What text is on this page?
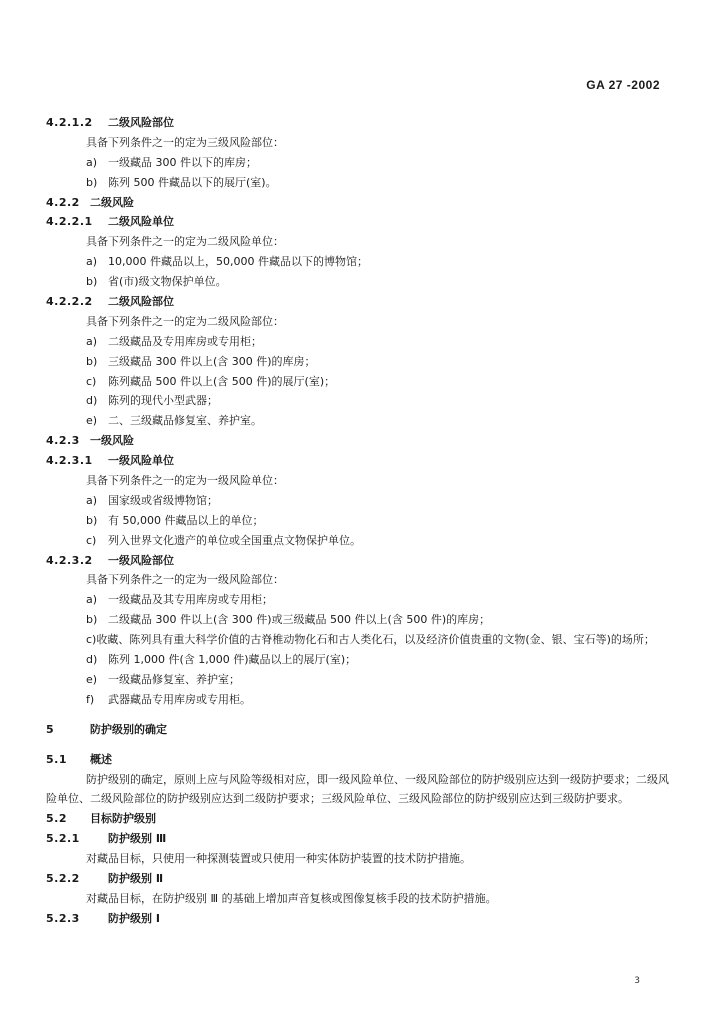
GA 27 -2002
4.2.1.2 二级风险部位
具备下列条件之一的定为三级风险部位：
a) 一级藏品 300 件以下的库房；
b) 陈列 500 件藏品以下的展厅(室)。
4.2.2 二级风险
4.2.2.1 二级风险单位
具备下列条件之一的定为二级风险单位：
a) 10,000 件藏品以上，50,000 件藏品以下的博物馆；
b) 省(市)级文物保护单位。
4.2.2.2 二级风险部位
具备下列条件之一的定为二级风险部位：
a) 二级藏品及专用库房或专用柜；
b) 三级藏品 300 件以上(含 300 件)的库房；
c) 陈列藏品 500 件以上(含 500 件)的展厅(室)；
d) 陈列的现代小型武器；
e) 二、三级藏品修复室、养护室。
4.2.3 一级风险
4.2.3.1 一级风险单位
具备下列条件之一的定为一级风险单位：
a) 国家级或省级博物馆；
b) 有 50,000 件藏品以上的单位；
c) 列入世界文化遗产的单位或全国重点文物保护单位。
4.2.3.2 一级风险部位
具备下列条件之一的定为一级风险部位：
a) 一级藏品及其专用库房或专用柜；
b) 二级藏品 300 件以上(含 300 件)或三级藏品 500 件以上(含 500 件)的库房；
c)收藏、陈列具有重大科学价值的古脊椎动物化石和古人类化石，以及经济价值贵重的文物(金、银、宝石等)的场所；
d) 陈列 1,000 件(含 1,000 件)藏品以上的展厅(室)；
e) 一级藏品修复室、养护室；
f) 武器藏品专用库房或专用柜。
5	防护级别的确定
5.1 概述
防护级别的确定，原则上应与风险等级相对应，即一级风险单位、一级风险部位的防护级别应达到一级防护要求；二级风险单位、二级风险部位的防护级别应达到二级防护要求；三级风险单位、三级风险部位的防护级别应达到三级防护要求。
5.2 目标防护级别
5.2.1	防护级别 Ⅲ
对藏品目标，只使用一种探测装置或只使用一种实体防护装置的技术防护措施。
5.2.2	防护级别 Ⅱ
对藏品目标，在防护级别 Ⅲ 的基础上增加声音复核或图像复核手段的技术防护措施。
5.2.3	防护级别 Ⅰ
3
